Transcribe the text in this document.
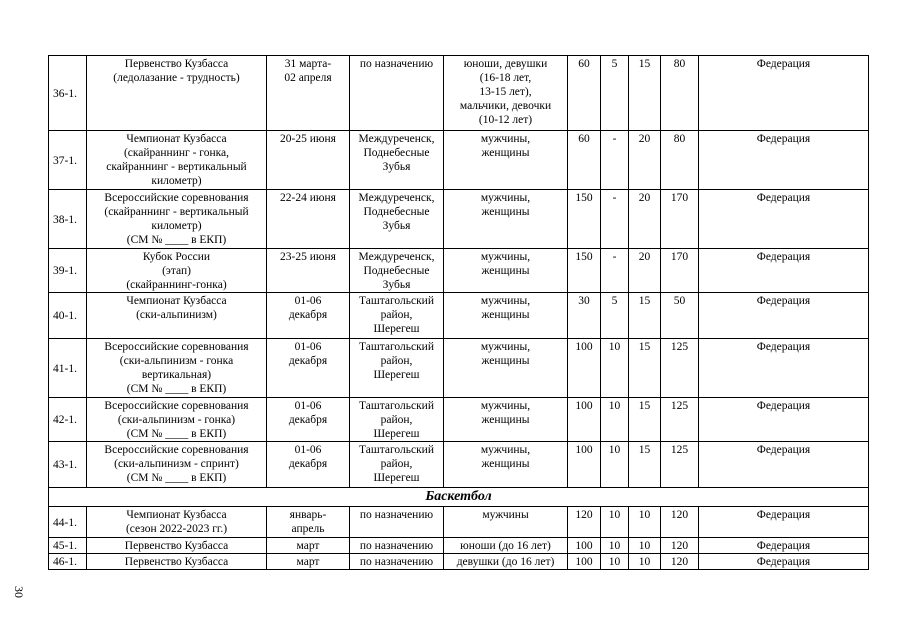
36-1.	Первенство Кузбасса
(ледолазание - трудность)	31 марта-
02 апреля	по назначению	юноши, девушки
(16-18 лет,
13-15 лет),
мальчики, девочки
(10-12 лет)	60	5	15	80	Федерация
37-1.	Чемпионат Кузбасса
(скайраннинг - гонка,
скайраннинг - вертикальный
километр)	20-25 июня	Междуреченск,
Поднебесные
Зубья	мужчины,
женщины	60	-	20	80	Федерация
38-1.	Всероссийские соревнования
(скайраннинг - вертикальный
километр)
(СМ № ____ в ЕКП)	22-24 июня	Междуреченск,
Поднебесные
Зубья	мужчины,
женщины	150	-	20	170	Федерация
39-1.	Кубок России
(этап)
(скайраннинг-гонка)	23-25 июня	Междуреченск,
Поднебесные
Зубья	мужчины,
женщины	150	-	20	170	Федерация
40-1.	Чемпионат Кузбасса
(ски-альпинизм)	01-06
декабря	Таштагольский
район,
Шерегеш	мужчины,
женщины	30	5	15	50	Федерация
41-1.	Всероссийские соревнования
(ски-альпинизм - гонка
вертикальная)
(СМ № ____ в ЕКП)	01-06
декабря	Таштагольский
район,
Шерегеш	мужчины,
женщины	100	10	15	125	Федерация
42-1.	Всероссийские соревнования
(ски-альпинизм - гонка)
(СМ № ____ в ЕКП)	01-06
декабря	Таштагольский
район,
Шерегеш	мужчины,
женщины	100	10	15	125	Федерация
43-1.	Всероссийские соревнования
(ски-альпинизм - спринт)
(СМ № ____ в ЕКП)	01-06
декабря	Таштагольский
район,
Шерегеш	мужчины,
женщины	100	10	15	125	Федерация
Баскетбол									
44-1.	Чемпионат Кузбасса
(сезон 2022-2023 гг.)	январь-
апрель	по назначению	мужчины	120	10	10	120	Федерация
45-1.	Первенство Кузбасса	март	по назначению	юноши (до 16 лет)	100	10	10	120	Федерация
46-1.	Первенство Кузбасса	март	по назначению	девушки (до 16 лет)	100	10	10	120	Федерация
30
